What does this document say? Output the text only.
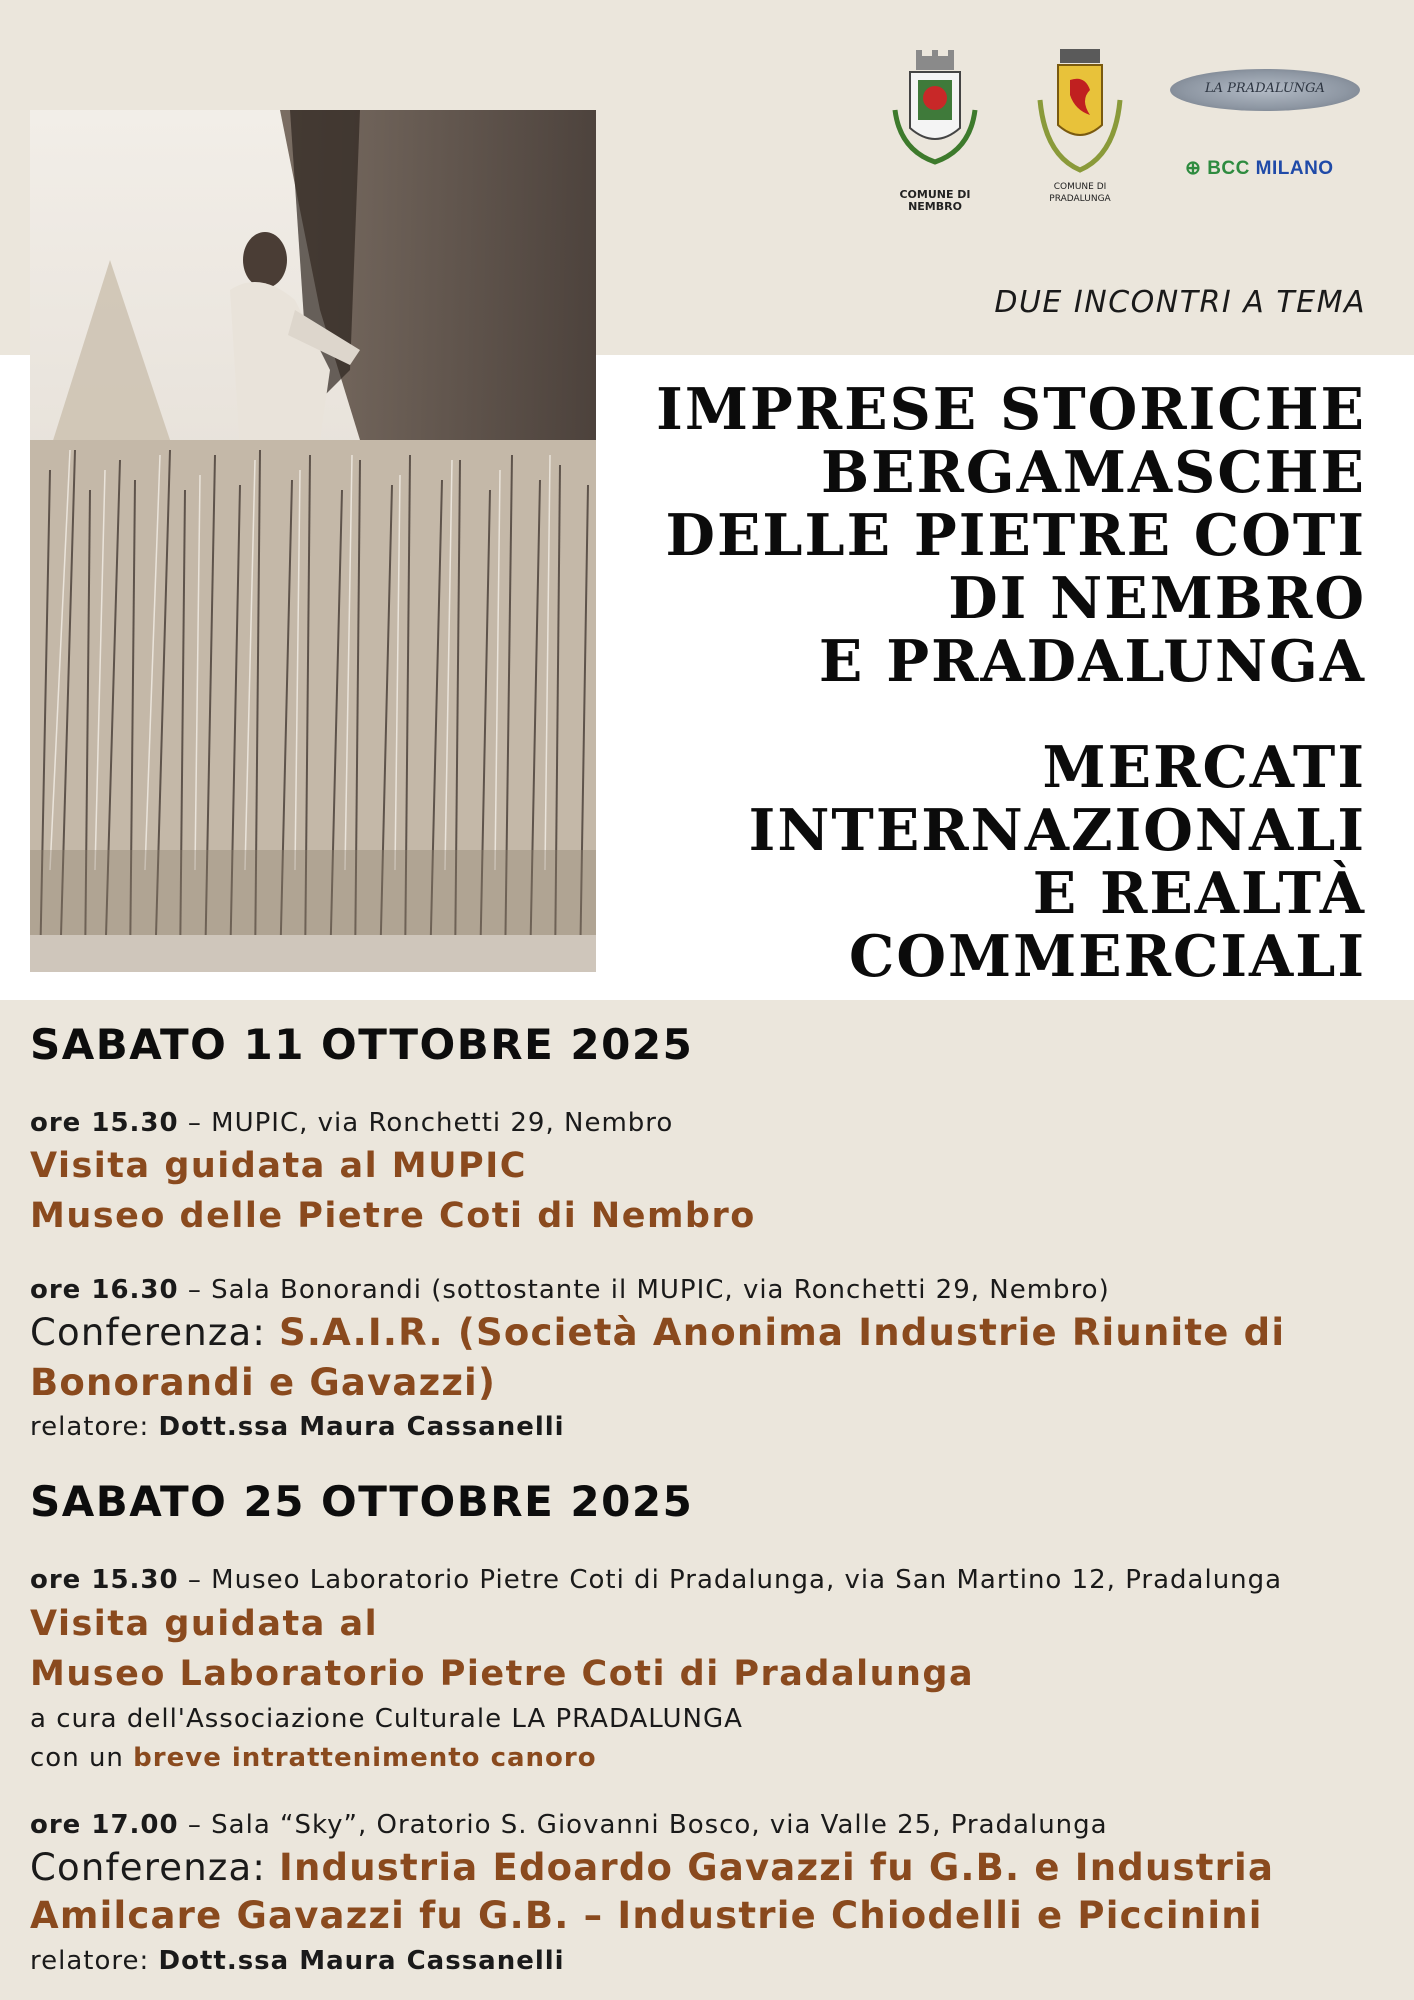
COMUNE DI NEMBRO
COMUNE DI PRADALUNGA
LA PRADALUNGA
⊕ BCC MILANO
DUE INCONTRI A TEMA
IMPRESE STORICHE
BERGAMASCHE
DELLE PIETRE COTI
DI NEMBRO
E PRADALUNGA
MERCATI
INTERNAZIONALI
E REALTÀ
COMMERCIALI
SABATO 11 OTTOBRE 2025
ore 15.30 – MUPIC, via Ronchetti 29, Nembro
Visita guidata al MUPIC
Museo delle Pietre Coti di Nembro
ore 16.30 – Sala Bonorandi (sottostante il MUPIC, via Ronchetti 29, Nembro)
Conferenza: S.A.I.R. (Società Anonima Industrie Riunite di
Bonorandi e Gavazzi)
relatore: Dott.ssa Maura Cassanelli
SABATO 25 OTTOBRE 2025
ore 15.30 – Museo Laboratorio Pietre Coti di Pradalunga, via San Martino 12, Pradalunga
Visita guidata al
Museo Laboratorio Pietre Coti di Pradalunga
a cura dell'Associazione Culturale LA PRADALUNGA
con un breve intrattenimento canoro
ore 17.00 – Sala “Sky”, Oratorio S. Giovanni Bosco, via Valle 25, Pradalunga
Conferenza: Industria Edoardo Gavazzi fu G.B. e Industria
Amilcare Gavazzi fu G.B. – Industrie Chiodelli e Piccinini
relatore: Dott.ssa Maura Cassanelli
